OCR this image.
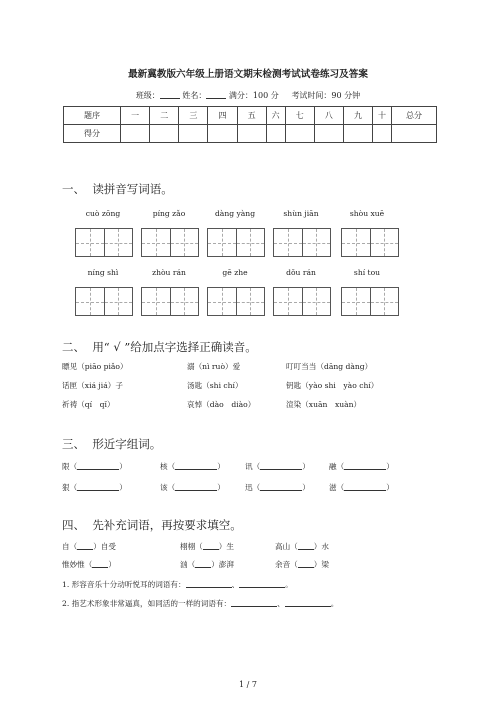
最新冀教版六年级上册语文期末检测考试试卷练习及答案
班级：	姓名：	满分：100 分 考试时间：90 分钟
题序	一	二	三	四	五	六	七	八	九	十	总分
得分											
一、 读拼音写词语。
cuò zōng	píng zǎo	dàng yàng	shùn jiān	shòu xuē
níng shì	zhòu rán	gē zhe	dǒu rán	shí tou
二、 用“ √ ”给加点字选择正确读音。
瞟见（piāo piǎo）	溺（nì ruò）爱	叮叮当当（dāng dàng）
话匣（xiá jiá）子	汤匙（shi chí）	钥匙（yào shi　yào chí）
祈祷（qí　qǐ）	哀悼（dào　diào）	渲染（xuān　xuàn）
三、 形近字组词。
限（	）	核（	）	讯（	）	融（	）
狠（	）	该（	）	迅（	）	滋（	）
四、 先补充词语，再按要求填空。
自（ ）自受	栩栩（ ）生	高山（ ）水
惟妙惟（ ）	汹（ ）澎湃	余音（ ）梁
1. 形容音乐十分动听悦耳的词语有：	、	。
2. 指艺术形象非常逼真，如同活的一样的词语有：	、	。
1 / 7
